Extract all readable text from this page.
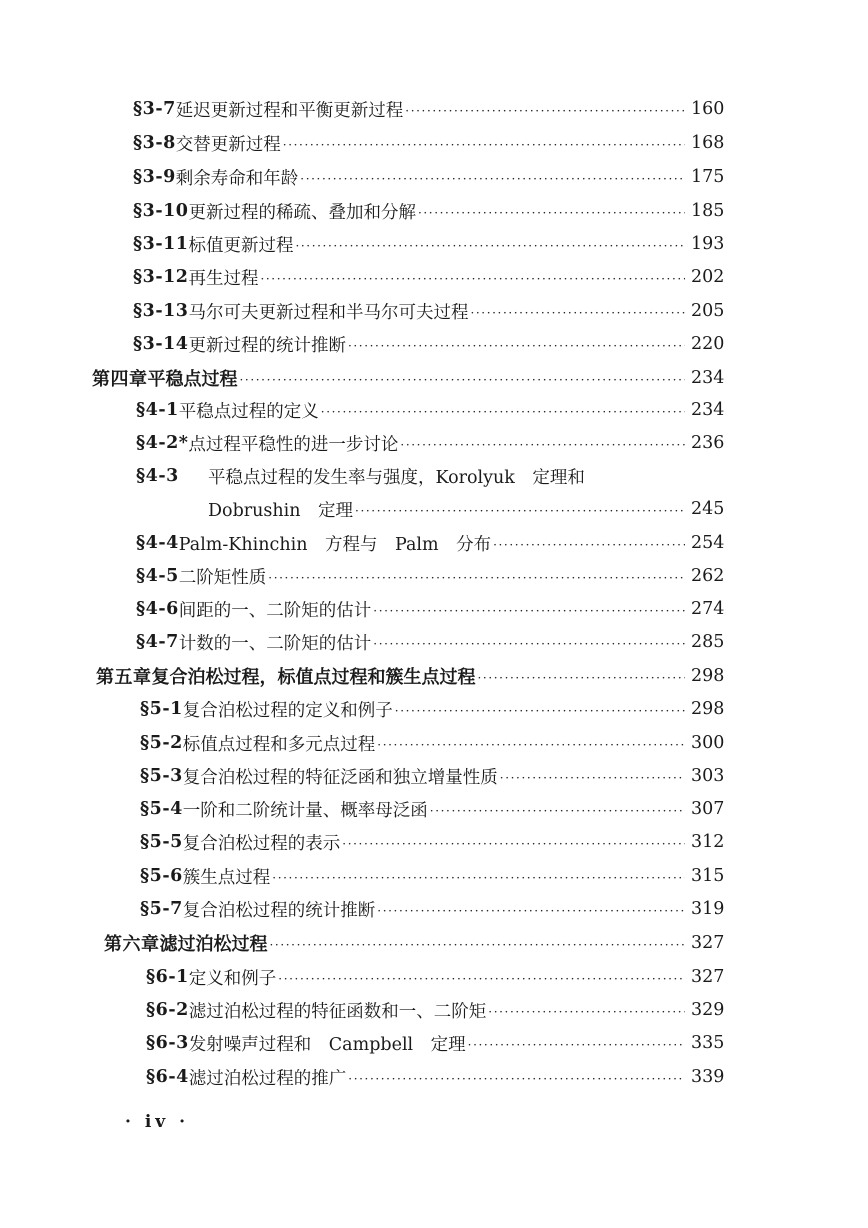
§3-7 延迟更新过程和平衡更新过程 ·····	160
§3-8 交替更新过程 ·····	168
§3-9 剩余寿命和年龄 ·····	175
§3-10 更新过程的稀疏、叠加和分解 ·····	185
§3-11 标值更新过程 ·····	193
§3-12 再生过程 ·····	202
§3-13 马尔可夫更新过程和半马尔可夫过程 ·····	205
§3-14 更新过程的统计推断 ·····	220
第四章 平稳点过程 ·····	234
§4-1 平稳点过程的定义 ·····	234
§4-2* 点过程平稳性的进一步讨论 ·····	236
§4-3	平稳点过程的发生率与强度，Korolyuk　定理和
Dobrushin　定理 ·····	245
§4-4 Palm-Khinchin　方程与　Palm　分布 ·····	254
§4-5 二阶矩性质 ·····	262
§4-6 间距的一、二阶矩的估计 ·····	274
§4-7 计数的一、二阶矩的估计 ·····	285
第五章 复合泊松过程，标值点过程和簇生点过程 ·····	298
§5-1 复合泊松过程的定义和例子 ·····	298
§5-2 标值点过程和多元点过程 ·····	300
§5-3 复合泊松过程的特征泛函和独立增量性质 ·····	303
§5-4 一阶和二阶统计量、概率母泛函 ·····	307
§5-5 复合泊松过程的表示 ·····	312
§5-6 簇生点过程 ·····	315
§5-7 复合泊松过程的统计推断 ·····	319
第六章 滤过泊松过程 ·····	327
§6-1 定义和例子 ·····	327
§6-2 滤过泊松过程的特征函数和一、二阶矩 ·····	329
§6-3 发射噪声过程和　Campbell　定理 ·····	335
§6-4 滤过泊松过程的推广 ·····	339
· iv ·
